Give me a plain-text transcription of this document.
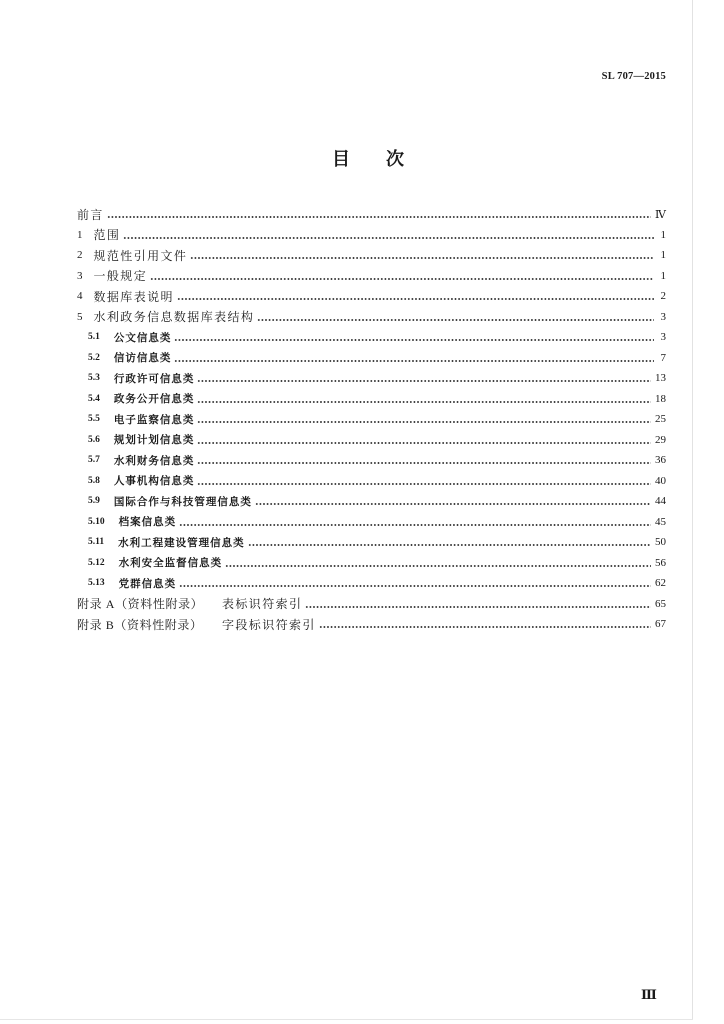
SL 707—2015
目　　次
前言	Ⅳ
1 范围	1
2 规范性引用文件	1
3 一般规定	1
4 数据库表说明	2
5 水利政务信息数据库表结构	3
5.1 公文信息类	3
5.2 信访信息类	7
5.3 行政许可信息类	13
5.4 政务公开信息类	18
5.5 电子监察信息类	25
5.6 规划计划信息类	29
5.7 水利财务信息类	36
5.8 人事机构信息类	40
5.9 国际合作与科技管理信息类	44
5.10 档案信息类	45
5.11 水利工程建设管理信息类	50
5.12 水利安全监督信息类	56
5.13 党群信息类	62
附录 A（资料性附录）	表标识符索引	65
附录 B（资料性附录）	字段标识符索引	67
Ⅲ
